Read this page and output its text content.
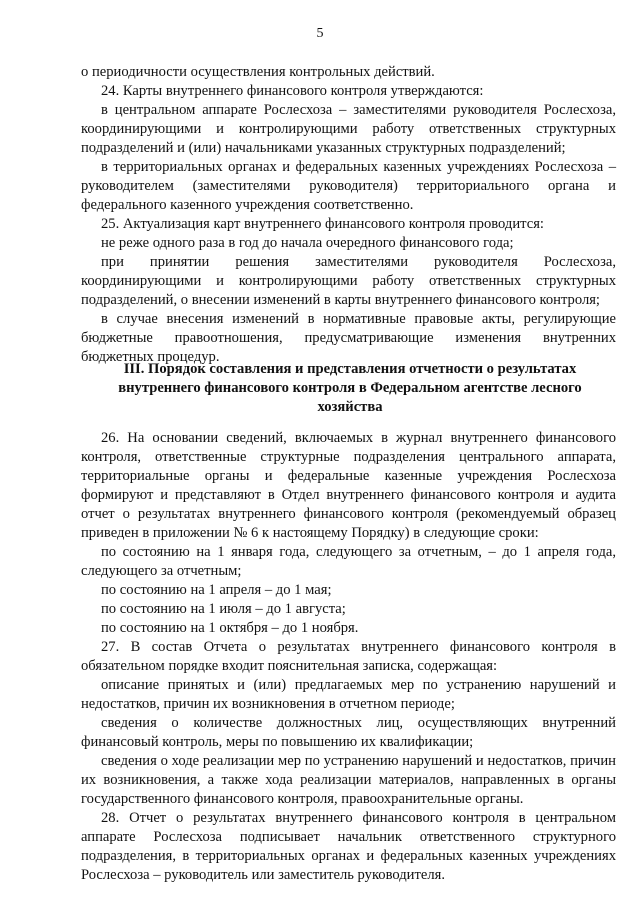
5

о периодичности осуществления контрольных действий.

24. Карты внутреннего финансового контроля утверждаются:

в центральном аппарате Рослесхоза – заместителями руководителя Рослесхоза, координирующими и контролирующими работу ответственных структурных подразделений и (или) начальниками указанных структурных подразделений;

в территориальных органах и федеральных казенных учреждениях Рослесхоза – руководителем (заместителями руководителя) территориального органа и федерального казенного учреждения соответственно.

25. Актуализация карт внутреннего финансового контроля проводится:

не реже одного раза в год до начала очередного финансового года;

при принятии решения заместителями руководителя Рослесхоза, координирующими и контролирующими работу ответственных структурных подразделений, о внесении изменений в карты внутреннего финансового контроля;

в случае внесения изменений в нормативные правовые акты, регулирующие бюджетные правоотношения, предусматривающие изменения внутренних бюджетных процедур.

III. Порядок составления и представления отчетности о результатах внутреннего финансового контроля в Федеральном агентстве лесного хозяйства

26. На основании сведений, включаемых в журнал внутреннего финансового контроля, ответственные структурные подразделения центрального аппарата, территориальные органы и федеральные казенные учреждения Рослесхоза формируют и представляют в Отдел внутреннего финансового контроля и аудита отчет о результатах внутреннего финансового контроля (рекомендуемый образец приведен в приложении № 6 к настоящему Порядку) в следующие сроки:

по состоянию на 1 января года, следующего за отчетным, – до 1 апреля года, следующего за отчетным;

по состоянию на 1 апреля – до 1 мая;

по состоянию на 1 июля – до 1 августа;

по состоянию на 1 октября – до 1 ноября.

27. В состав Отчета о результатах внутреннего финансового контроля в обязательном порядке входит пояснительная записка, содержащая:

описание принятых и (или) предлагаемых мер по устранению нарушений и недостатков, причин их возникновения в отчетном периоде;

сведения о количестве должностных лиц, осуществляющих внутренний финансовый контроль, меры по повышению их квалификации;

сведения о ходе реализации мер по устранению нарушений и недостатков, причин их возникновения, а также хода реализации материалов, направленных в органы государственного финансового контроля, правоохранительные органы.

28. Отчет о результатах внутреннего финансового контроля в центральном аппарате Рослесхоза подписывает начальник ответственного структурного подразделения, в территориальных органах и федеральных казенных учреждениях Рослесхоза – руководитель или заместитель руководителя.
